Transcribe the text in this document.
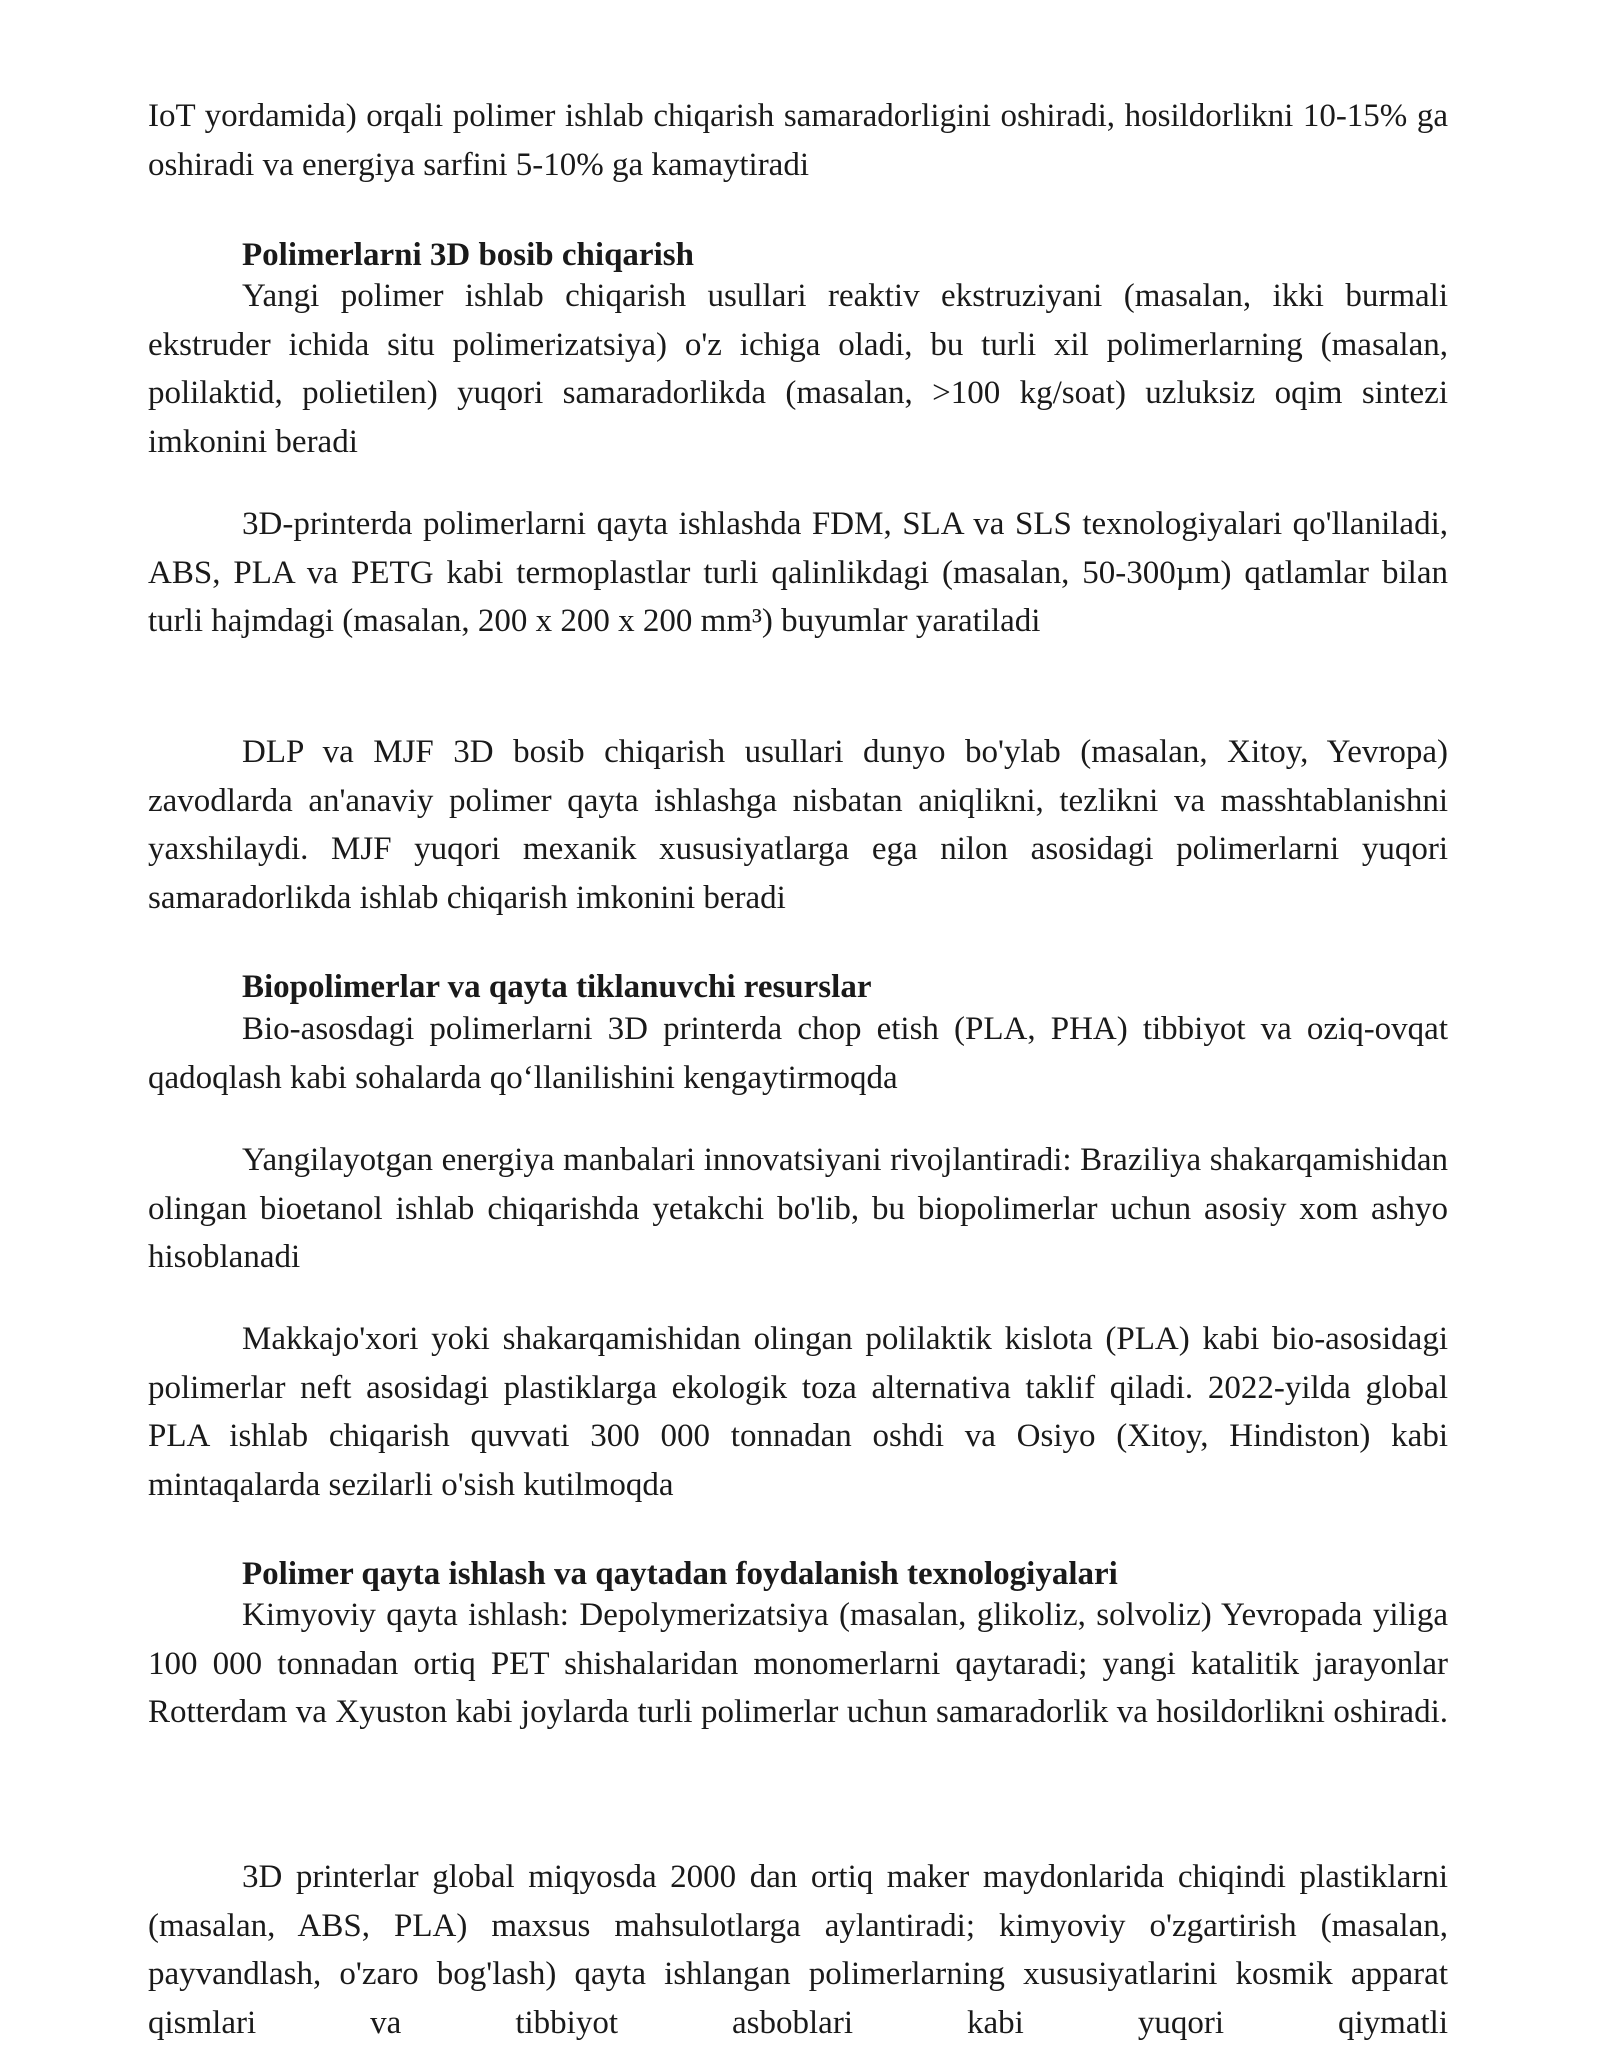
IoT yordamida) orqali polimer ishlab chiqarish samaradorligini oshiradi, hosildorlikni 10-15% ga oshiradi va energiya sarfini 5-10% ga kamaytiradi

Polimerlarni 3D bosib chiqarish

Yangi polimer ishlab chiqarish usullari reaktiv ekstruziyani (masalan, ikki burmali ekstruder ichida situ polimerizatsiya) o'z ichiga oladi, bu turli xil polimerlarning (masalan, polilaktid, polietilen) yuqori samaradorlikda (masalan, >100 kg/soat) uzluksiz oqim sintezi imkonini beradi

3D-printerda polimerlarni qayta ishlashda FDM, SLA va SLS texnologiyalari qo'llaniladi, ABS, PLA va PETG kabi termoplastlar turli qalinlikdagi (masalan, 50-300µm) qatlamlar bilan turli hajmdagi (masalan, 200 x 200 x 200 mm³) buyumlar yaratiladi

DLP va MJF 3D bosib chiqarish usullari dunyo bo'ylab (masalan, Xitoy, Yevropa) zavodlarda an'anaviy polimer qayta ishlashga nisbatan aniqlikni, tezlikni va masshtablanishni yaxshilaydi. MJF yuqori mexanik xususiyatlarga ega nilon asosidagi polimerlarni yuqori samaradorlikda ishlab chiqarish imkonini beradi

Biopolimerlar va qayta tiklanuvchi resurslar

Bio-asosdagi polimerlarni 3D printerda chop etish (PLA, PHA) tibbiyot va oziq-ovqat qadoqlash kabi sohalarda qo‘llanilishini kengaytirmoqda

Yangilayotgan energiya manbalari innovatsiyani rivojlantiradi: Braziliya shakarqamishidan olingan bioetanol ishlab chiqarishda yetakchi bo'lib, bu biopolimerlar uchun asosiy xom ashyo hisoblanadi

Makkajo'xori yoki shakarqamishidan olingan polilaktik kislota (PLA) kabi bio-asosidagi polimerlar neft asosidagi plastiklarga ekologik toza alternativa taklif qiladi. 2022-yilda global PLA ishlab chiqarish quvvati 300 000 tonnadan oshdi va Osiyo (Xitoy, Hindiston) kabi mintaqalarda sezilarli o'sish kutilmoqda

Polimer qayta ishlash va qaytadan foydalanish texnologiyalari

Kimyoviy qayta ishlash: Depolymerizatsiya (masalan, glikoliz, solvoliz) Yevropada yiliga 100 000 tonnadan ortiq PET shishalaridan monomerlarni qaytaradi; yangi katalitik jarayonlar Rotterdam va Xyuston kabi joylarda turli polimerlar uchun samaradorlik va hosildorlikni oshiradi.

3D printerlar global miqyosda 2000 dan ortiq maker maydonlarida chiqindi plastiklarni (masalan, ABS, PLA) maxsus mahsulotlarga aylantiradi; kimyoviy o'zgartirish (masalan, payvandlash, o'zaro bog'lash) qayta ishlangan polimerlarning xususiyatlarini kosmik apparat qismlari va tibbiyot asboblari kabi yuqori qiymatli
